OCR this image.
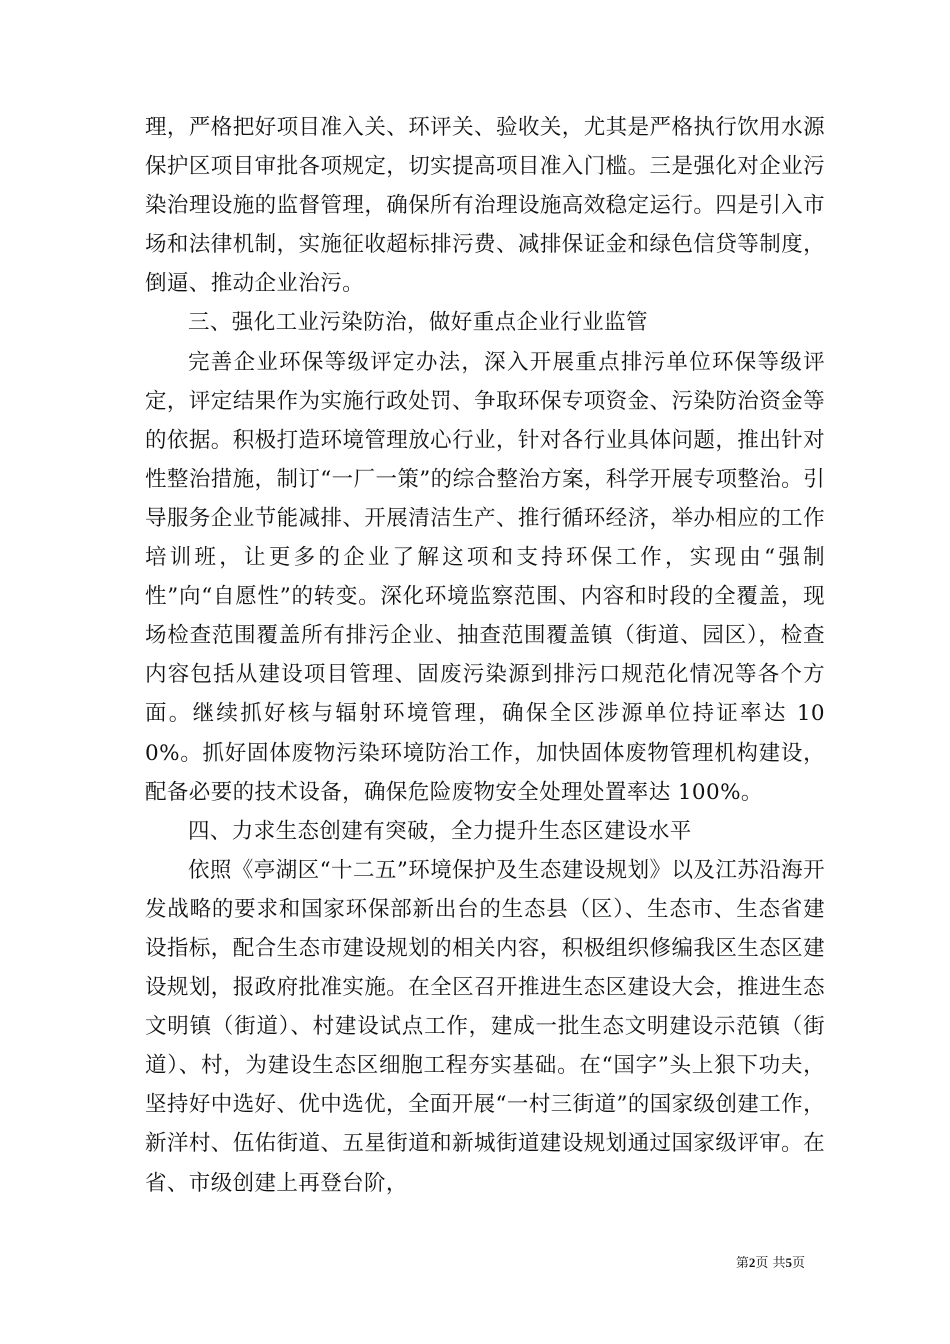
理，严格把好项目准入关、环评关、验收关，尤其是严格执行饮用水源保护区项目审批各项规定，切实提高项目准入门槛。三是强化对企业污染治理设施的监督管理，确保所有治理设施高效稳定运行。四是引入市场和法律机制，实施征收超标排污费、减排保证金和绿色信贷等制度，倒逼、推动企业治污。

三、强化工业污染防治，做好重点企业行业监管

完善企业环保等级评定办法，深入开展重点排污单位环保等级评定，评定结果作为实施行政处罚、争取环保专项资金、污染防治资金等的依据。积极打造环境管理放心行业，针对各行业具体问题，推出针对性整治措施，制订“一厂一策”的综合整治方案，科学开展专项整治。引导服务企业节能减排、开展清洁生产、推行循环经济，举办相应的工作培训班，让更多的企业了解这项和支持环保工作，实现由“强制性”向“自愿性”的转变。深化环境监察范围、内容和时段的全覆盖，现场检查范围覆盖所有排污企业、抽查范围覆盖镇（街道、园区），检查内容包括从建设项目管理、固废污染源到排污口规范化情况等各个方面。继续抓好核与辐射环境管理，确保全区涉源单位持证率达 100%。抓好固体废物污染环境防治工作，加快固体废物管理机构建设，配备必要的技术设备，确保危险废物安全处理处置率达 100%。

四、力求生态创建有突破，全力提升生态区建设水平

依照《亭湖区“十二五”环境保护及生态建设规划》以及江苏沿海开发战略的要求和国家环保部新出台的生态县（区）、生态市、生态省建设指标，配合生态市建设规划的相关内容，积极组织修编我区生态区建设规划，报政府批准实施。在全区召开推进生态区建设大会，推进生态文明镇（街道）、村建设试点工作，建成一批生态文明建设示范镇（街道）、村，为建设生态区细胞工程夯实基础。在“国字”头上狠下功夫，坚持好中选好、优中选优，全面开展“一村三街道”的国家级创建工作，新洋村、伍佑街道、五星街道和新城街道建设规划通过国家级评审。在省、市级创建上再登台阶，

第2页 共5页
